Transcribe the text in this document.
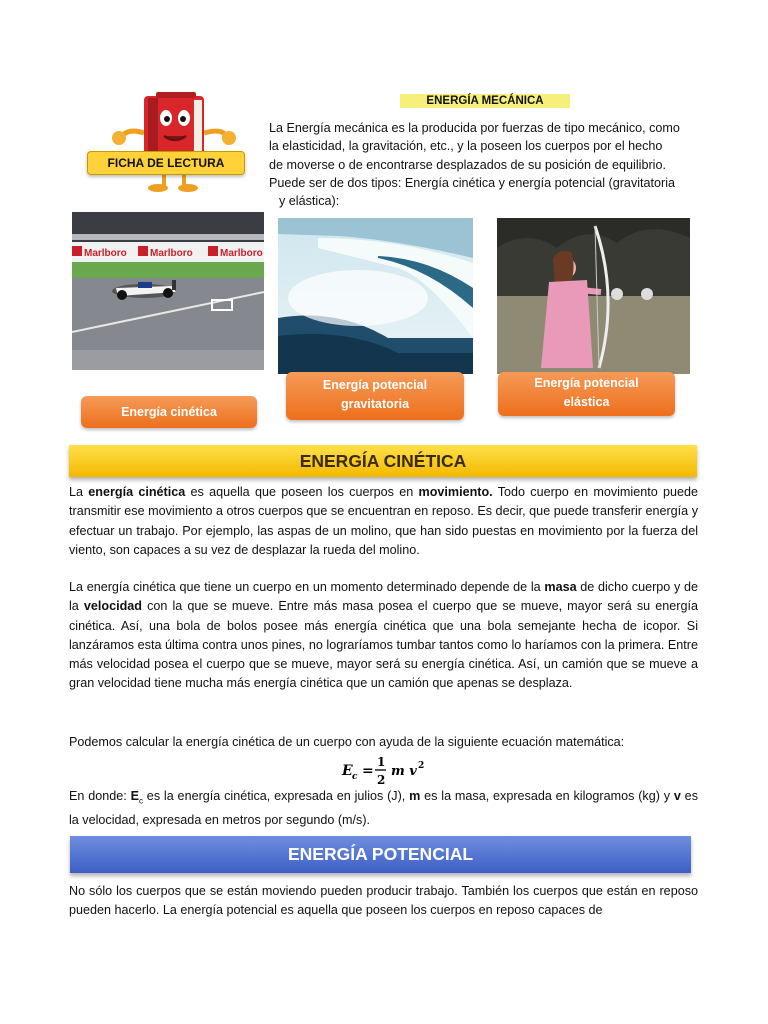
FICHA DE LECTURA
ENERGÍA MECÁNICA
La Energía mecánica es la producida por fuerzas de tipo mecánico, como
la elasticidad, la gravitación, etc., y la poseen los cuerpos por el hecho
de moverse o de encontrarse desplazados de su posición de equilibrio.
Puede ser de dos tipos: Energía cinética y energía potencial (gravitatoria
y elástica):
Marlboro Marlboro	Marlboro
Energía cinética
Energía potencial
gravitatoria
Energía potencial
elástica
ENERGÍA CINÉTICA

La energía cinética es aquella que poseen los cuerpos en movimiento. Todo cuerpo en movimiento puede transmitir ese movimiento a otros cuerpos que se encuentran en reposo. Es decir, que puede transferir energía y efectuar un trabajo. Por ejemplo, las aspas de un molino, que han sido puestas en movimiento por la fuerza del viento, son capaces a su vez de desplazar la rueda del molino.

La energía cinética que tiene un cuerpo en un momento determinado depende de la masa de dicho cuerpo y de la velocidad con la que se mueve. Entre más masa posea el cuerpo que se mueve, mayor será su energía cinética. Así, una bola de bolos posee más energía cinética que una bola semejante hecha de icopor. Si lanzáramos esta última contra unos pines, no lograríamos tumbar tantos como lo haríamos con la primera. Entre más velocidad posea el cuerpo que se mueve, mayor será su energía cinética. Así, un camión que se mueve a gran velocidad tiene mucha más energía cinética que un camión que apenas se desplaza.

Podemos calcular la energía cinética de un cuerpo con ayuda de la siguiente ecuación matemática:

E c =
1
2
m v 2

En donde: $E_c$ es la energía cinética, expresada en julios (J), m es la masa, expresada en kilogramos (kg) y v es la velocidad, expresada en metros por segundo (m/s).

ENERGÍA POTENCIAL

No sólo los cuerpos que se están moviendo pueden producir trabajo. También los cuerpos que están en reposo pueden hacerlo. La energía potencial es aquella que poseen los cuerpos en reposo capaces de
